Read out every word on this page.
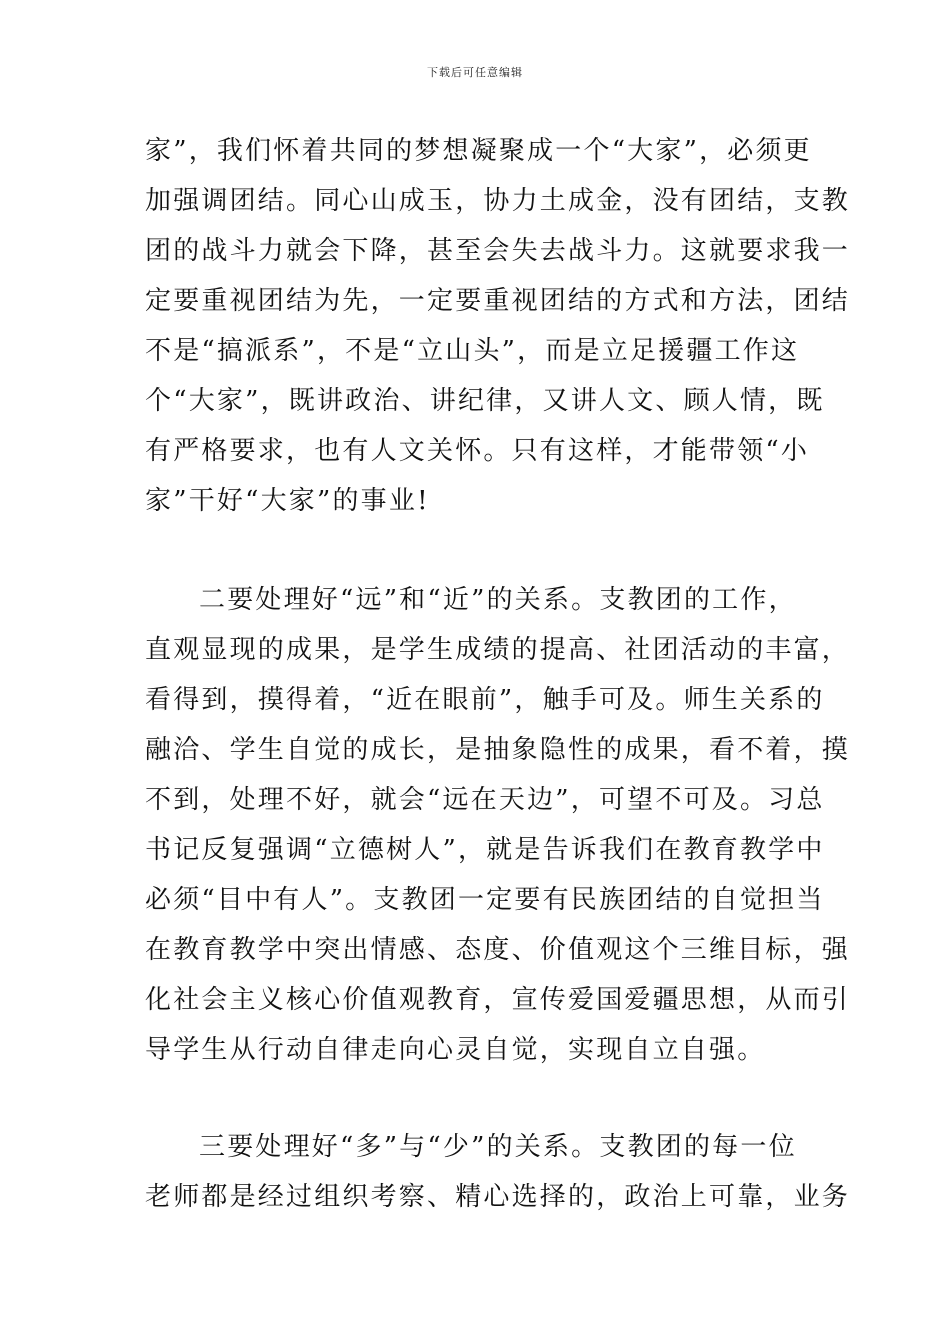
下载后可任意编辑
家”，我们怀着共同的梦想凝聚成一个“大家”，必须更
加强调团结。同心山成玉，协力土成金，没有团结，支教
团的战斗力就会下降，甚至会失去战斗力。这就要求我一
定要重视团结为先，一定要重视团结的方式和方法，团结
不是“搞派系”，不是“立山头”，而是立足援疆工作这
个“大家”，既讲政治、讲纪律，又讲人文、顾人情，既
有严格要求，也有人文关怀。只有这样，才能带领“小
家”干好“大家”的事业!
二要处理好“远”和“近”的关系。支教团的工作，
直观显现的成果，是学生成绩的提高、社团活动的丰富，
看得到，摸得着，“近在眼前”，触手可及。师生关系的
融洽、学生自觉的成长，是抽象隐性的成果，看不着，摸
不到，处理不好，就会“远在天边”，可望不可及。习总
书记反复强调“立德树人”，就是告诉我们在教育教学中
必须“目中有人”。支教团一定要有民族团结的自觉担当
在教育教学中突出情感、态度、价值观这个三维目标，强
化社会主义核心价值观教育，宣传爱国爱疆思想，从而引
导学生从行动自律走向心灵自觉，实现自立自强。
三要处理好“多”与“少”的关系。支教团的每一位
老师都是经过组织考察、精心选择的，政治上可靠，业务
